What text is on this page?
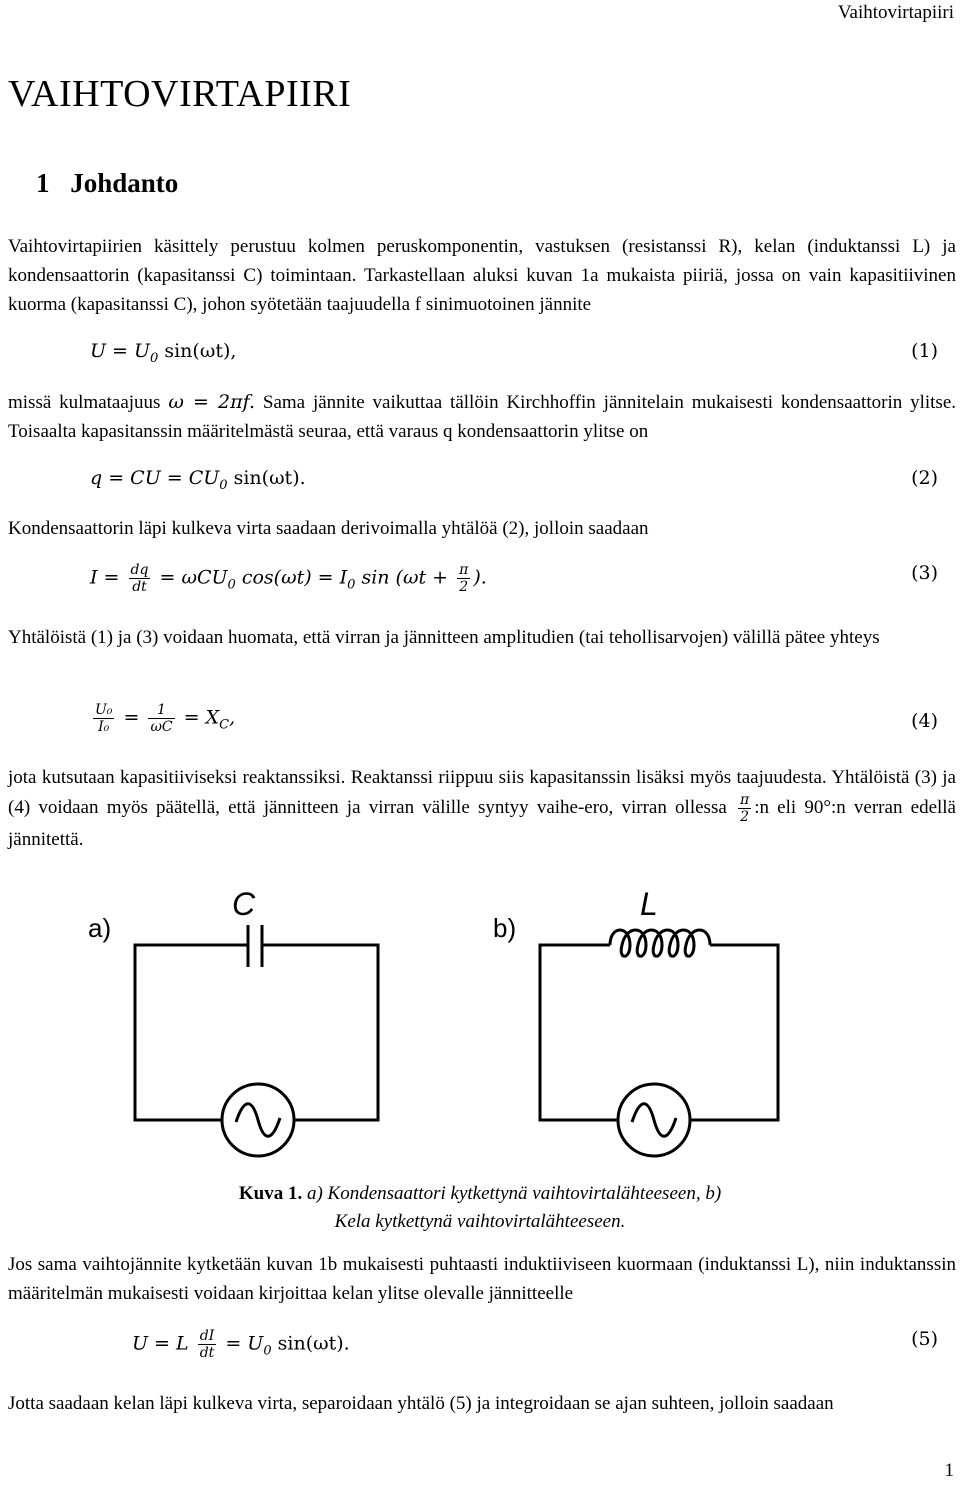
Vaihtovirtapiiri
VAIHTOVIRTAPIIRI
1 Johdanto
Vaihtovirtapiirien käsittely perustuu kolmen peruskomponentin, vastuksen (resistanssi R), kelan (induktanssi L) ja kondensaattorin (kapasitanssi C) toimintaan. Tarkastellaan aluksi kuvan 1a mukaista piiriä, jossa on vain kapasitiivinen kuorma (kapasitanssi C), johon syötetään taajuudella f sinimuotoinen jännite
$U = U_0$ sin(ωt),	(1)
missä kulmataajuus ω = 2πf. Sama jännite vaikuttaa tällöin Kirchhoffin jännitelain mukaisesti kondensaattorin ylitse. Toisaalta kapasitanssin määritelmästä seuraa, että varaus q kondensaattorin ylitse on
q = CU = $CU_0$ sin(ωt).	(2)
Kondensaattorin läpi kulkeva virta saadaan derivoimalla yhtälöä (2), jolloin saadaan
$I = \frac{dq}{dt} = \omega CU_0$ $\cos(\omega t) = I_0$ $\sin (\omega t + \frac{\pi}{2}$ ).	(3)
Yhtälöistä (1) ja (3) voidaan huomata, että virran ja jännitteen amplitudien (tai tehollisarvojen) välillä pätee yhteys
$\frac{\text{U₀}}{\text{I₀}} = \frac{1}{\omega C} = X_C$,	(4)
jota kutsutaan kapasitiiviseksi reaktanssiksi. Reaktanssi riippuu siis kapasitanssin lisäksi myös taajuudesta. Yhtälöistä (3) ja (4) voidaan myös päätellä, että jännitteen ja virran välille syntyy vaihe-ero, virran ollessa $\frac{\pi}{2}$ :n eli 90°:n verran edellä jännitettä.
a)
C
b)
L
Kuva 1. a) Kondensaattori kytkettynä vaihtovirtalähteeseen, b) Kela kytkettynä vaihtovirtalähteeseen.
Jos sama vaihtojännite kytketään kuvan 1b mukaisesti puhtaasti induktiiviseen kuormaan (induktanssi L), niin induktanssin määritelmän mukaisesti voidaan kirjoittaa kelan ylitse olevalle jännitteelle
U = L $\frac{dI}{dt} = U_0$ sin(ωt).	(5)
Jotta saadaan kelan läpi kulkeva virta, separoidaan yhtälö (5) ja integroidaan se ajan suhteen, jolloin saadaan
1
